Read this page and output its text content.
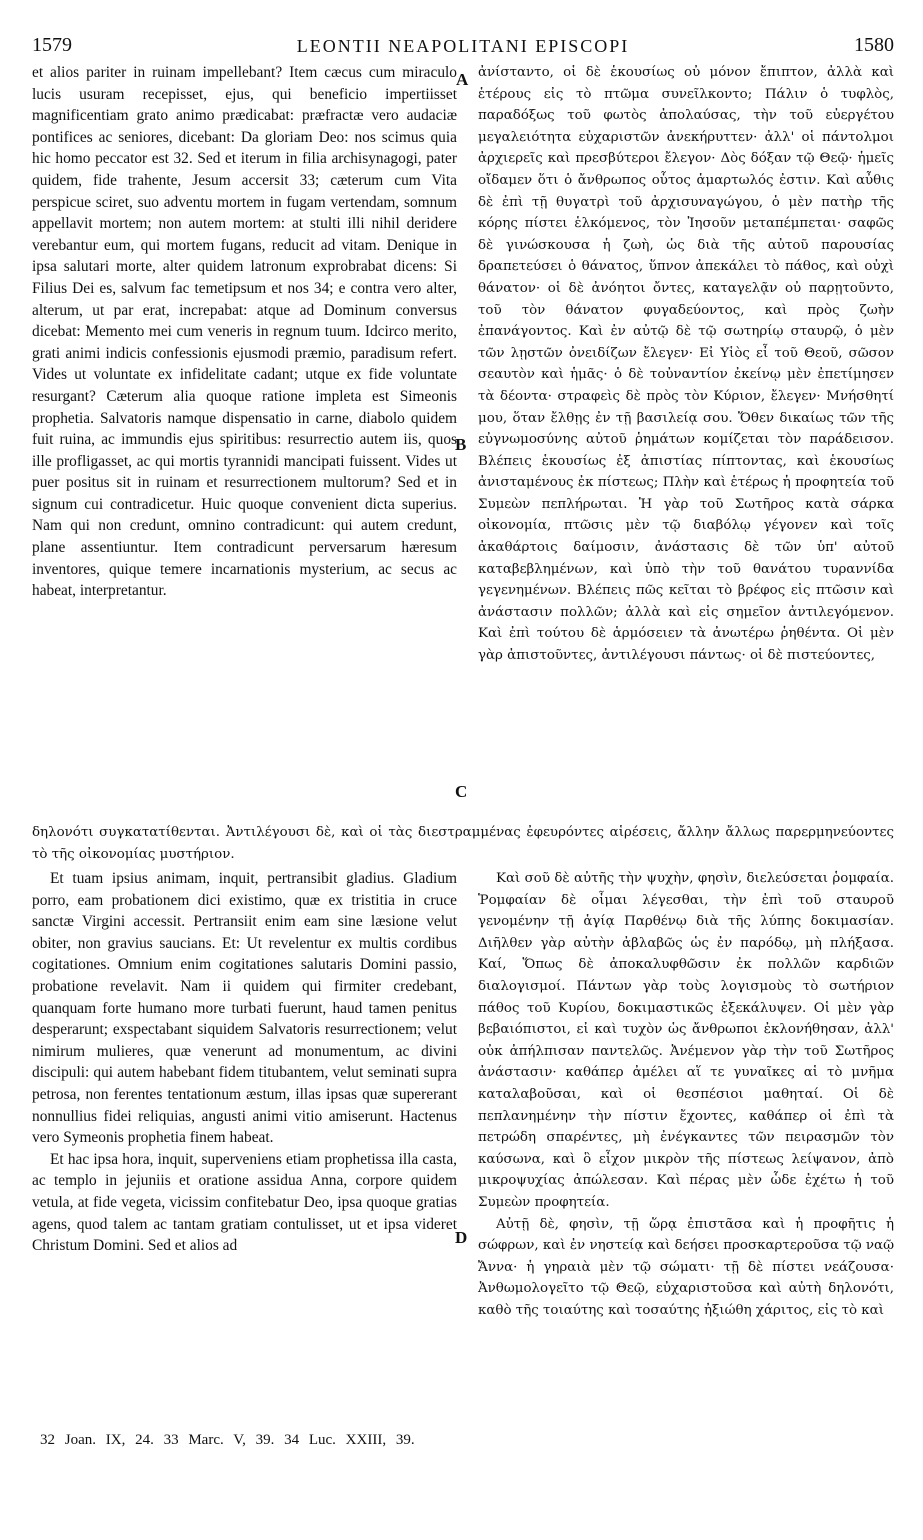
1579	LEONTII NEAPOLITANI EPISCOPI	1580
A
B
C
D

et alios pariter in ruinam impellebant? Item cæcus cum miraculo lucis usuram recepisset, ejus, qui beneficio impertiisset magnificentiam grato animo prædicabat: præfractæ vero audaciæ pontifices ac seniores, dicebant: Da gloriam Deo: nos scimus quia hic homo peccator est 32. Sed et iterum in filia archisynagogi, pater quidem, fide trahente, Jesum accersit 33; cæterum cum Vita perspicue sciret, suo adventu mortem in fugam vertendam, somnum appellavit mortem; non autem mortem: at stulti illi nihil deridere verebantur eum, qui mortem fugans, reducit ad vitam. Denique in ipsa salutari morte, alter quidem latronum exprobrabat dicens: Si Filius Dei es, salvum fac temetipsum et nos 34; e contra vero alter, alterum, ut par erat, increpabat: atque ad Dominum conversus dicebat: Memento mei cum veneris in regnum tuum. Idcirco merito, grati animi indicis confessionis ejusmodi præmio, paradisum refert. Vides ut voluntate ex infidelitate cadant; utque ex fide voluntate resurgant? Cæterum alia quoque ratione impleta est Simeonis prophetia. Salvatoris namque dispensatio in carne, diabolo quidem fuit ruina, ac immundis ejus spiritibus: resurrectio autem iis, quos ille profligasset, ac qui mortis tyrannidi mancipati fuissent. Vides ut puer positus sit in ruinam et resurrectionem multorum? Sed et in signum cui contradicetur. Huic quoque convenient dicta superius. Nam qui non credunt, omnino contradicunt: qui autem credunt, plane assentiuntur. Item contradicunt perversarum hæresum inventores, quique temere incarnationis mysterium, ac secus ac habeat, interpretantur.

ἀνίσταντο, οἱ δὲ ἑκουσίως οὐ μόνον ἔπιπτον, ἀλλὰ καὶ ἑτέρους εἰς τὸ πτῶμα συνεῖλκοντο; Πάλιν ὁ τυφλὸς, παραδόξως τοῦ φωτὸς ἀπολαύσας, τὴν τοῦ εὐεργέτου μεγαλειότητα εὐχαριστῶν ἀνεκήρυττεν· ἀλλ' οἱ πάντολμοι ἀρχιερεῖς καὶ πρεσβύτεροι ἔλεγον· Δὸς δόξαν τῷ Θεῷ· ἡμεῖς οἴδαμεν ὅτι ὁ ἄνθρωπος οὗτος ἁμαρτωλός ἐστιν. Καὶ αὖθις δὲ ἐπὶ τῇ θυγατρὶ τοῦ ἀρχισυναγώγου, ὁ μὲν πατὴρ τῆς κόρης πίστει ἑλκόμενος, τὸν Ἰησοῦν μεταπέμπεται· σαφῶς δὲ γινώσκουσα ἡ ζωὴ, ὡς διὰ τῆς αὐτοῦ παρουσίας δραπετεύσει ὁ θάνατος, ὕπνον ἀπεκάλει τὸ πάθος, καὶ οὐχὶ θάνατον· οἱ δὲ ἀνόητοι ὄντες, καταγελᾷν οὐ παρῃτοῦντο, τοῦ τὸν θάνατον φυγαδεύοντος, καὶ πρὸς ζωὴν ἐπανάγοντος. Καὶ ἐν αὐτῷ δὲ τῷ σωτηρίῳ σταυρῷ, ὁ μὲν τῶν λῃστῶν ὀνειδίζων ἔλεγεν· Εἰ Υἱὸς εἶ τοῦ Θεοῦ, σῶσον σεαυτὸν καὶ ἡμᾶς· ὁ δὲ τοὐναντίον ἐκείνῳ μὲν ἐπετίμησεν τὰ δέοντα· στραφεὶς δὲ πρὸς τὸν Κύριον, ἔλεγεν· Μνήσθητί μου, ὅταν ἔλθῃς ἐν τῇ βασιλείᾳ σου. Ὅθεν δικαίως τῶν τῆς εὐγνωμοσύνης αὐτοῦ ῥημάτων κομίζεται τὸν παράδεισον. Βλέπεις ἑκουσίως ἐξ ἀπιστίας πίπτοντας, καὶ ἑκουσίως ἀνισταμένους ἐκ πίστεως; Πλὴν καὶ ἑτέρως ἡ προφητεία τοῦ Συμεὼν πεπλήρωται. Ἡ γὰρ τοῦ Σωτῆρος κατὰ σάρκα οἰκονομία, πτῶσις μὲν τῷ διαβόλῳ γέγονεν καὶ τοῖς ἀκαθάρτοις δαίμοσιν, ἀνάστασις δὲ τῶν ὑπ' αὐτοῦ καταβεβλημένων, καὶ ὑπὸ τὴν τοῦ θανάτου τυραννίδα γεγενημένων. Βλέπεις πῶς κεῖται τὸ βρέφος εἰς πτῶσιν καὶ ἀνάστασιν πολλῶν; ἀλλὰ καὶ εἰς σημεῖον ἀντιλεγόμενον. Καὶ ἐπὶ τούτου δὲ ἁρμόσειεν τὰ ἀνωτέρω ῥηθέντα. Οἱ μὲν γὰρ ἀπιστοῦντες, ἀντιλέγουσι πάντως· οἱ δὲ πιστεύοντες,

δηλονότι συγκατατίθενται. Ἀντιλέγουσι δὲ, καὶ οἱ τὰς διεστραμμένας ἐφευρόντες αἱρέσεις, ἄλλην ἄλλως παρερμηνεύοντες τὸ τῆς οἰκονομίας μυστήριον.

Et tuam ipsius animam, inquit, pertransibit gladius. Gladium porro, eam probationem dici existimo, quæ ex tristitia in cruce sanctæ Virgini accessit. Pertransiit enim eam sine læsione velut obiter, non gravius saucians. Et: Ut revelentur ex multis cordibus cogitationes. Omnium enim cogitationes salutaris Domini passio, probatione revelavit. Nam ii quidem qui firmiter credebant, quanquam forte humano more turbati fuerunt, haud tamen penitus desperarunt; exspectabant siquidem Salvatoris resurrectionem; velut nimirum mulieres, quæ venerunt ad monumentum, ac divini discipuli: qui autem habebant fidem titubantem, velut seminati supra petrosa, non ferentes tentationum æstum, illas ipsas quæ supererant nonnullius fidei reliquias, angusti animi vitio amiserunt. Hactenus vero Symeonis prophetia finem habeat.

Et hac ipsa hora, inquit, superveniens etiam prophetissa illa casta, ac templo in jejuniis et oratione assidua Anna, corpore quidem vetula, at fide vegeta, vicissim confitebatur Deo, ipsa quoque gratias agens, quod talem ac tantam gratiam contulisset, ut et ipsa videret Christum Domini. Sed et alios ad

Καὶ σοῦ δὲ αὐτῆς τὴν ψυχὴν, φησὶν, διελεύσεται ῥομφαία. Ῥομφαίαν δὲ οἶμαι λέγεσθαι, τὴν ἐπὶ τοῦ σταυροῦ γενομένην τῇ ἁγίᾳ Παρθένῳ διὰ τῆς λύπης δοκιμασίαν. Διῆλθεν γὰρ αὐτὴν ἀβλαβῶς ὡς ἐν παρόδῳ, μὴ πλήξασα. Καί, Ὅπως δὲ ἀποκαλυφθῶσιν ἐκ πολλῶν καρδιῶν διαλογισμοί. Πάντων γὰρ τοὺς λογισμοὺς τὸ σωτήριον πάθος τοῦ Κυρίου, δοκιμαστικῶς ἐξεκάλυψεν. Οἱ μὲν γὰρ βεβαιόπιστοι, εἰ καὶ τυχὸν ὡς ἄνθρωποι ἐκλονήθησαν, ἀλλ' οὐκ ἀπήλπισαν παντελῶς. Ἀνέμενον γὰρ τὴν τοῦ Σωτῆρος ἀνάστασιν· καθάπερ ἀμέλει αἵ τε γυναῖκες αἱ τὸ μνῆμα καταλαβοῦσαι, καὶ οἱ θεσπέσιοι μαθηταί. Οἱ δὲ πεπλανημένην τὴν πίστιν ἔχοντες, καθάπερ οἱ ἐπὶ τὰ πετρώδη σπαρέντες, μὴ ἐνέγκαντες τῶν πειρασμῶν τὸν καύσωνα, καὶ ὃ εἶχον μικρὸν τῆς πίστεως λείψανον, ἀπὸ μικροψυχίας ἀπώλεσαν. Καὶ πέρας μὲν ὧδε ἐχέτω ἡ τοῦ Συμεὼν προφητεία.

Αὐτῇ δὲ, φησὶν, τῇ ὥρᾳ ἐπιστᾶσα καὶ ἡ προφῆτις ἡ σώφρων, καὶ ἐν νηστείᾳ καὶ δεήσει προσκαρτεροῦσα τῷ ναῷ Ἄννα· ἡ γηραιὰ μὲν τῷ σώματι· τῇ δὲ πίστει νεάζουσα· Ἀνθωμολογεῖτο τῷ Θεῷ, εὐχαριστοῦσα καὶ αὐτὴ δηλονότι, καθὸ τῆς τοιαύτης καὶ τοσαύτης ἠξιώθη χάριτος, εἰς τὸ καὶ

32 Joan. IX, 24. 33 Marc. V, 39. 34 Luc. XXIII, 39.
